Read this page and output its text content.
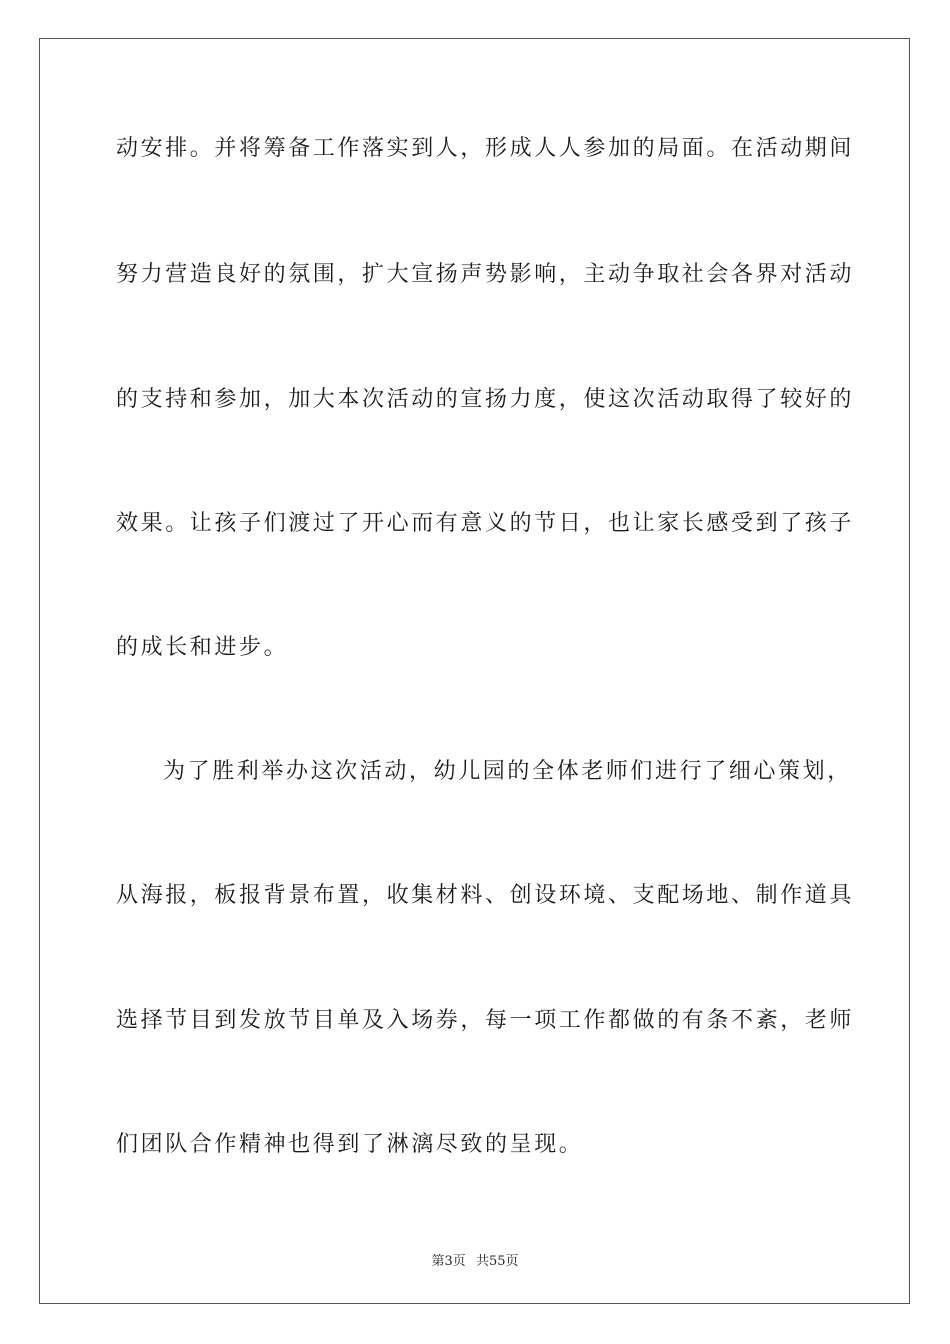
动安排。并将筹备工作落实到人，形成人人参加的局面。在活动期间
努力营造良好的氛围，扩大宣扬声势影响，主动争取社会各界对活动
的支持和参加，加大本次活动的宣扬力度，使这次活动取得了较好的
效果。让孩子们渡过了开心而有意义的节日，也让家长感受到了孩子
的成长和进步。
为了胜利举办这次活动，幼儿园的全体老师们进行了细心策划，
从海报，板报背景布置，收集材料、创设环境、支配场地、制作道具
选择节目到发放节目单及入场券，每一项工作都做的有条不紊，老师
们团队合作精神也得到了淋漓尽致的呈现。
第3页 共55页
